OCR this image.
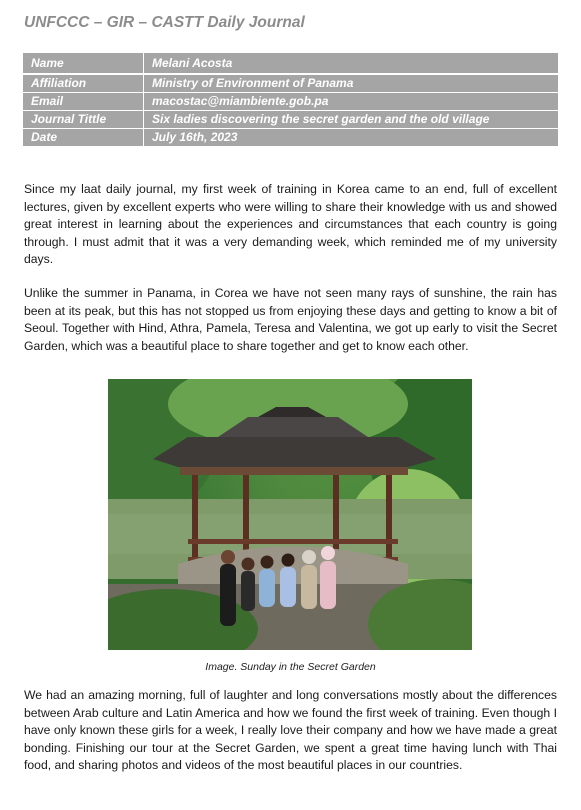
UNFCCC – GIR – CASTT Daily Journal
Name	Melani Acosta
Affiliation	Ministry of Environment of Panama
Email	macostac@miambiente.gob.pa
Journal Tittle	Six ladies discovering the secret garden and the old village
Date	July 16th, 2023

Since my laat daily journal, my first week of training in Korea came to an end, full of excellent lectures, given by excellent experts who were willing to share their knowledge with us and showed great interest in learning about the experiences and circumstances that each country is going through. I must admit that it was a very demanding week, which reminded me of my university days.

Unlike the summer in Panama, in Corea we have not seen many rays of sunshine, the rain has been at its peak, but this has not stopped us from enjoying these days and getting to know a bit of Seoul. Together with Hind, Athra, Pamela, Teresa and Valentina, we got up early to visit the Secret Garden, which was a beautiful place to share together and get to know each other.

Image. Sunday in the Secret Garden

We had an amazing morning, full of laughter and long conversations mostly about the differences between Arab culture and Latin America and how we found the first week of training. Even though I have only known these girls for a week, I really love their company and how we have made a great bonding. Finishing our tour at the Secret Garden, we spent a great time having lunch with Thai food, and sharing photos and videos of the most beautiful places in our countries.
